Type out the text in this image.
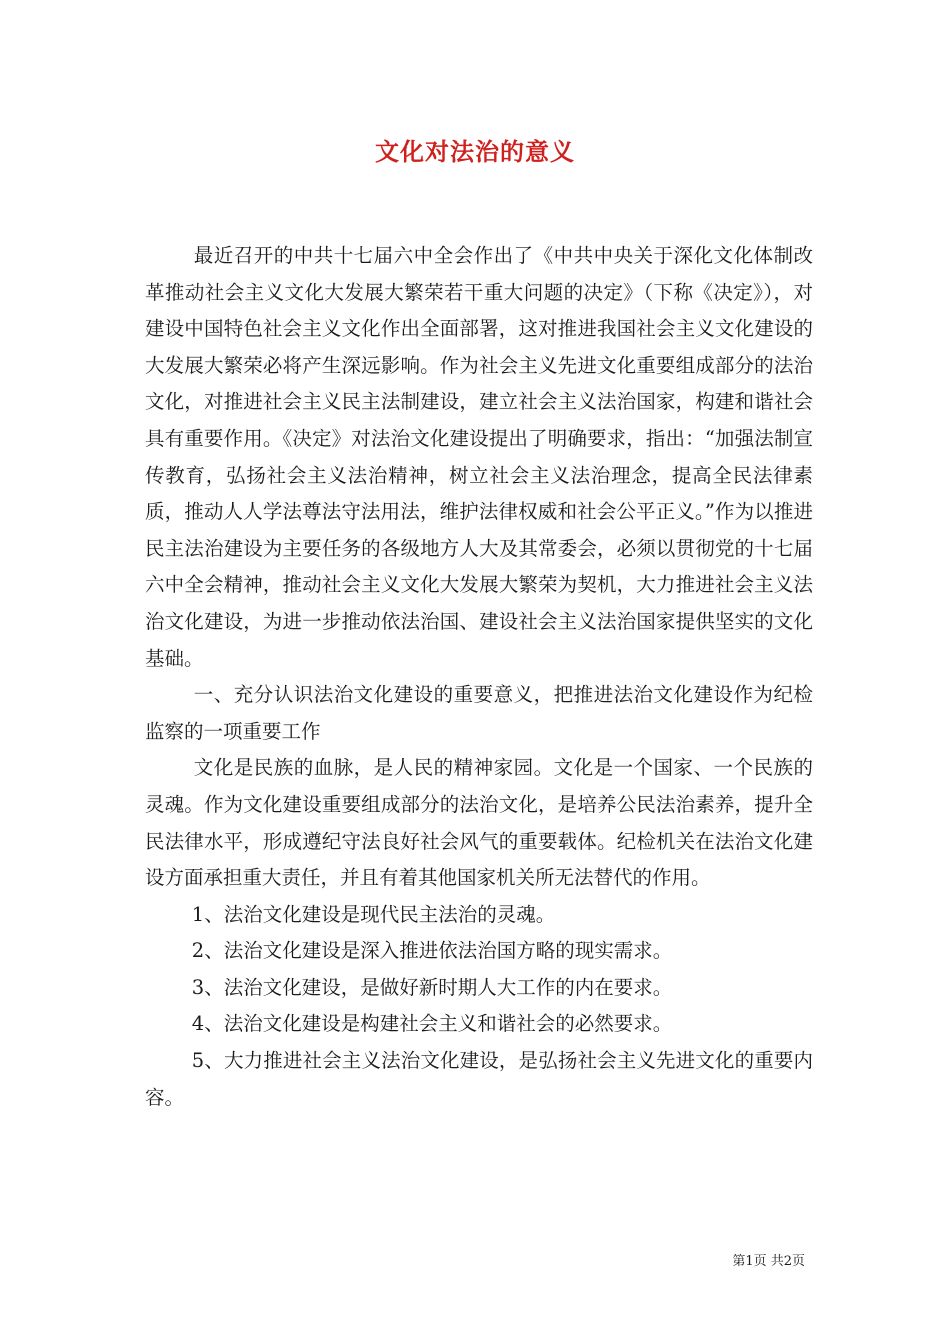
文化对法治的意义

最近召开的中共十七届六中全会作出了《中共中央关于深化文化体制改革推动社会主义文化大发展大繁荣若干重大问题的决定》（下称《决定》），对建设中国特色社会主义文化作出全面部署，这对推进我国社会主义文化建设的大发展大繁荣必将产生深远影响。作为社会主义先进文化重要组成部分的法治文化，对推进社会主义民主法制建设，建立社会主义法治国家，构建和谐社会具有重要作用。《决定》对法治文化建设提出了明确要求，指出：“加强法制宣传教育，弘扬社会主义法治精神，树立社会主义法治理念，提高全民法律素质，推动人人学法尊法守法用法，维护法律权威和社会公平正义。”作为以推进民主法治建设为主要任务的各级地方人大及其常委会，必须以贯彻党的十七届六中全会精神，推动社会主义文化大发展大繁荣为契机，大力推进社会主义法治文化建设，为进一步推动依法治国、建设社会主义法治国家提供坚实的文化基础。

一、充分认识法治文化建设的重要意义，把推进法治文化建设作为纪检监察的一项重要工作

文化是民族的血脉，是人民的精神家园。文化是一个国家、一个民族的灵魂。作为文化建设重要组成部分的法治文化，是培养公民法治素养，提升全民法律水平，形成遵纪守法良好社会风气的重要载体。纪检机关在法治文化建设方面承担重大责任，并且有着其他国家机关所无法替代的作用。

1、法治文化建设是现代民主法治的灵魂。

2、法治文化建设是深入推进依法治国方略的现实需求。

3、法治文化建设，是做好新时期人大工作的内在要求。

4、法治文化建设是构建社会主义和谐社会的必然要求。

5、大力推进社会主义法治文化建设，是弘扬社会主义先进文化的重要内容。

第1页 共2页
